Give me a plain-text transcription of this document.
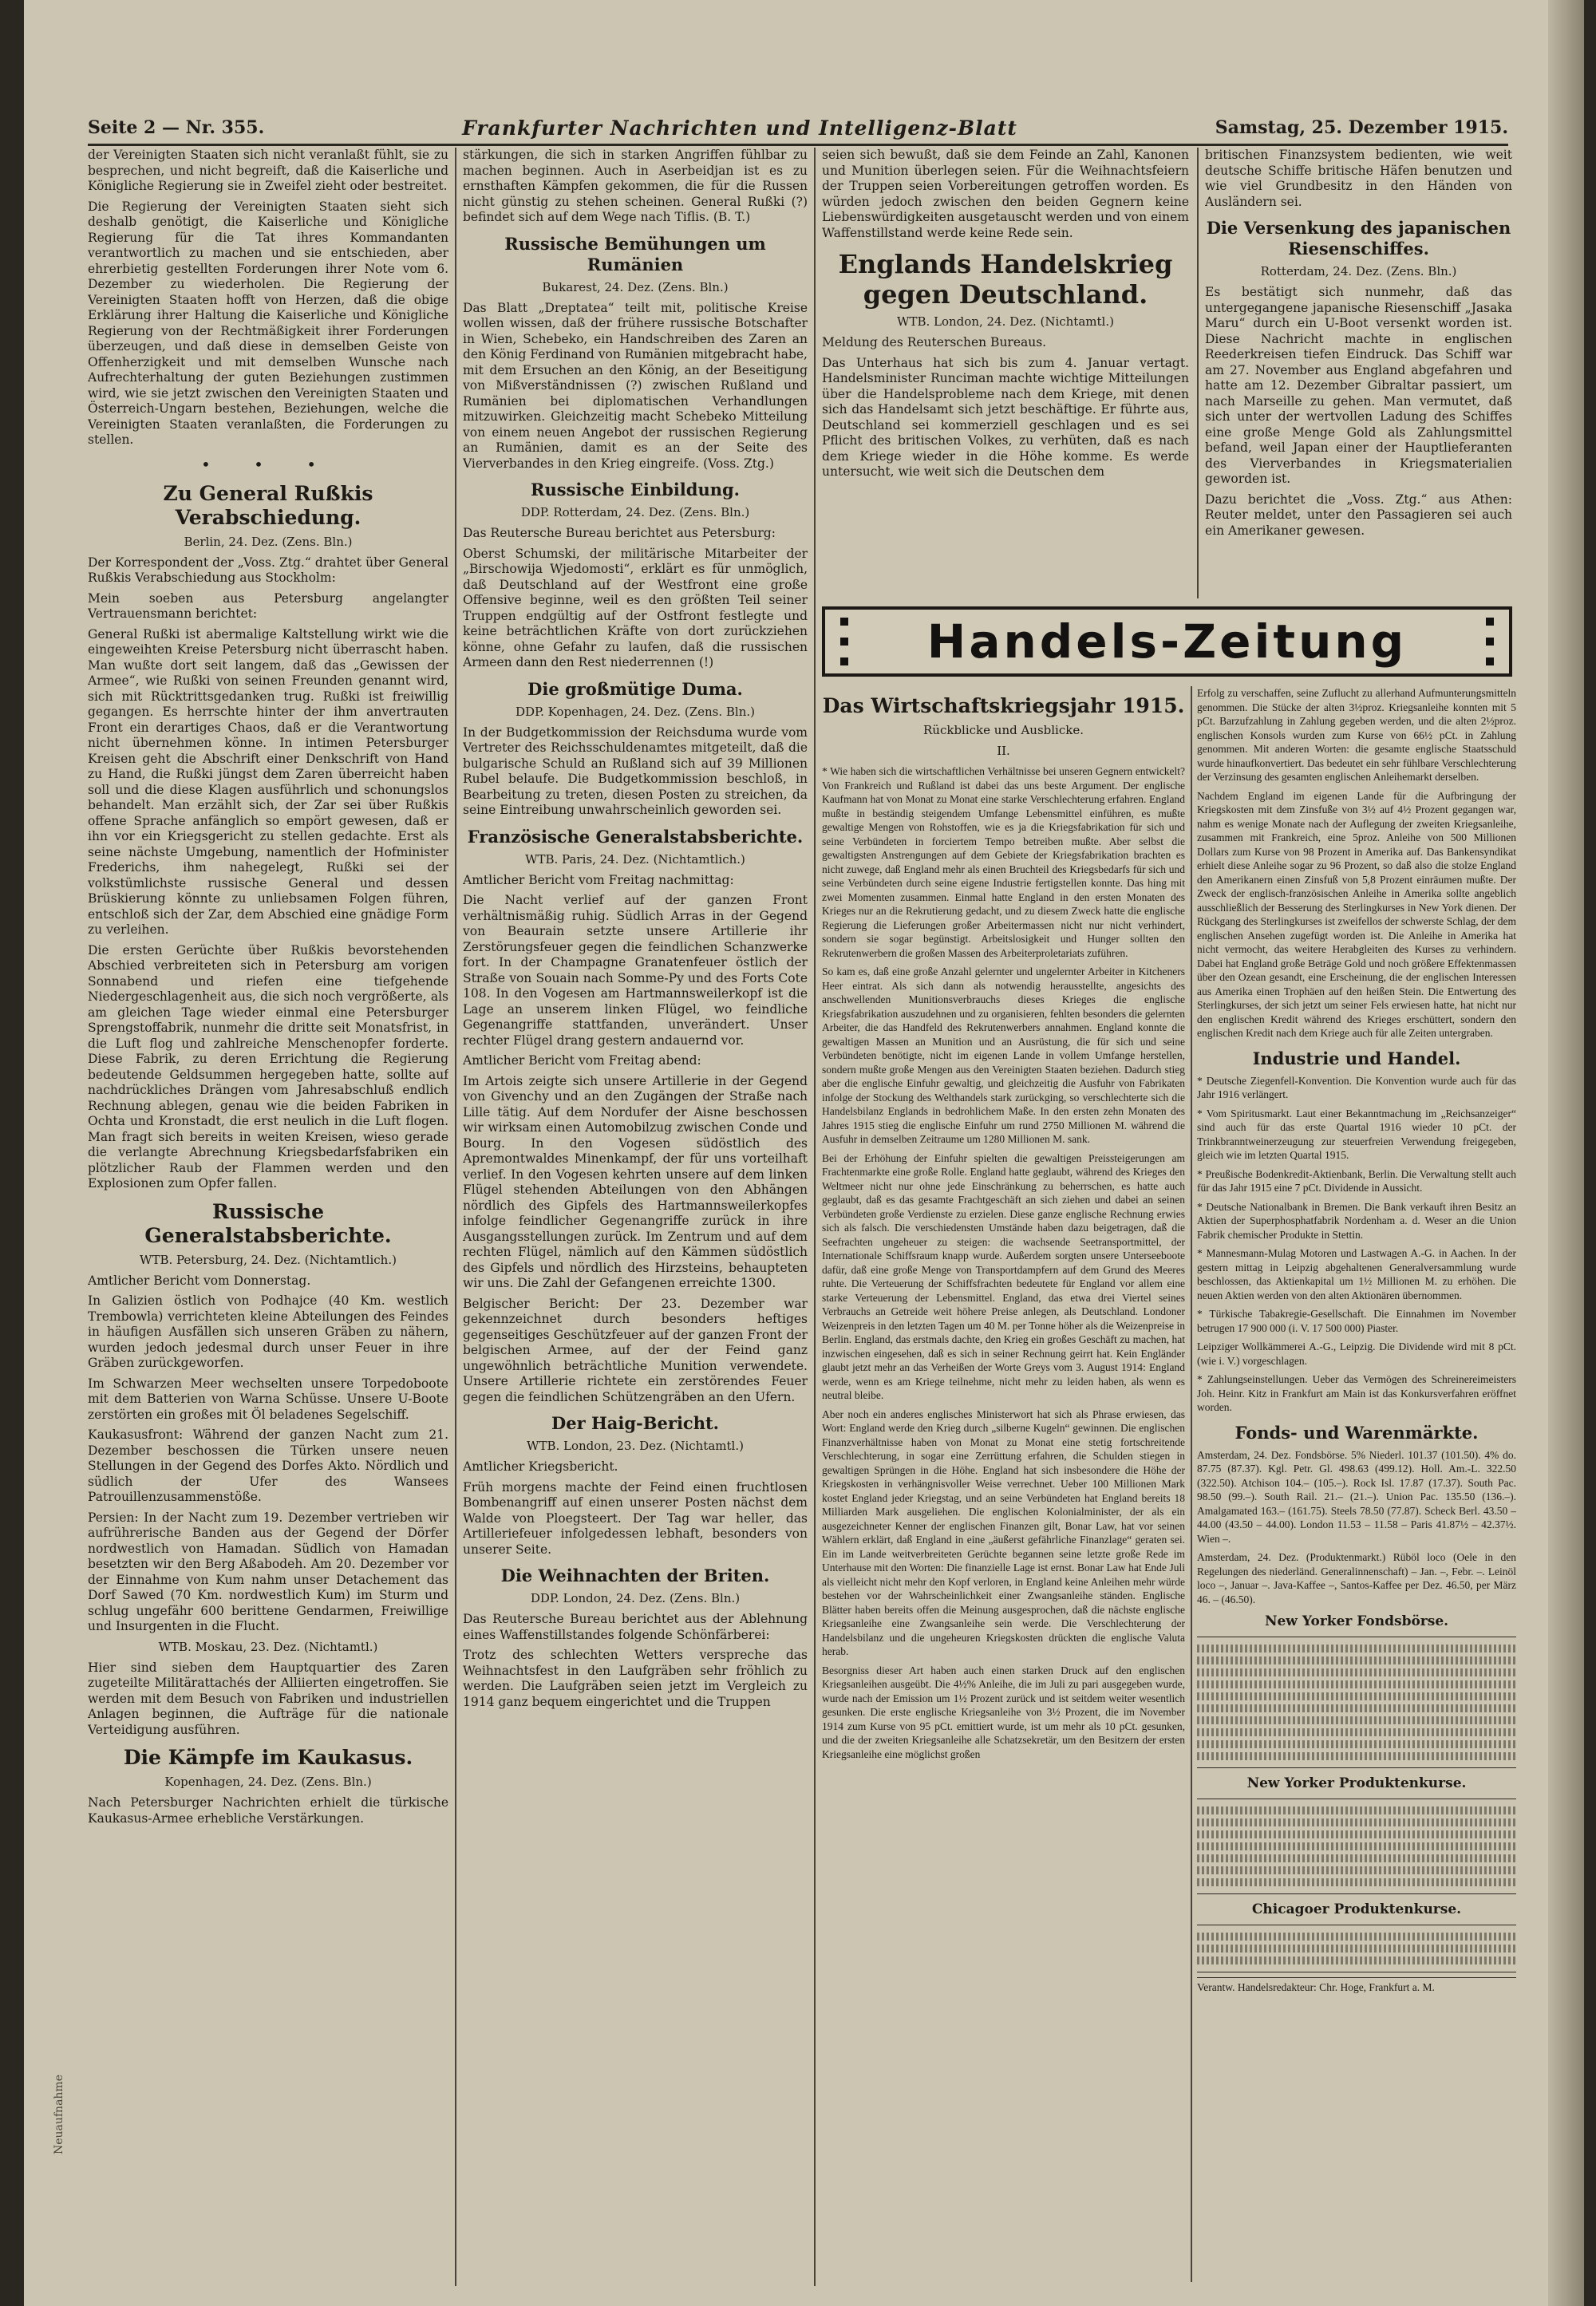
Seite 2 — Nr. 355.	Frankfurter Nachrichten und Intelligenz-Blatt	Samstag, 25. Dezember 1915.

der Vereinigten Staaten sich nicht veranlaßt fühlt, sie zu besprechen, und nicht begreift, daß die Kaiserliche und Königliche Regierung sie in Zweifel zieht oder bestreitet.

Die Regierung der Vereinigten Staaten sieht sich deshalb genötigt, die Kaiserliche und Königliche Regierung für die Tat ihres Kommandanten verantwortlich zu machen und sie entschieden, aber ehrerbietig gestellten Forderungen ihrer Note vom 6. Dezember zu wiederholen. Die Regierung der Vereinigten Staaten hofft von Herzen, daß die obige Erklärung ihrer Haltung die Kaiserliche und Königliche Regierung von der Rechtmäßigkeit ihrer Forderungen überzeugen, und daß diese in demselben Geiste von Offenherzigkeit und mit demselben Wunsche nach Aufrechterhaltung der guten Beziehungen zustimmen wird, wie sie jetzt zwischen den Vereinigten Staaten und Österreich-Ungarn bestehen, Beziehungen, welche die Vereinigten Staaten veranlaßten, die Forderungen zu stellen.

• • •
Zu General Rußkis Verabschiedung.
Berlin, 24. Dez. (Zens. Bln.)

Der Korrespondent der „Voss. Ztg.“ drahtet über General Rußkis Verabschiedung aus Stockholm:

Mein soeben aus Petersburg angelangter Vertrauensmann berichtet:

General Rußki ist abermalige Kaltstellung wirkt wie die eingeweihten Kreise Petersburg nicht überrascht haben. Man wußte dort seit langem, daß das „Gewissen der Armee“, wie Rußki von seinen Freunden genannt wird, sich mit Rücktrittsgedanken trug. Rußki ist freiwillig gegangen. Es herrschte hinter der ihm anvertrauten Front ein derartiges Chaos, daß er die Verantwortung nicht übernehmen könne. In intimen Petersburger Kreisen geht die Abschrift einer Denkschrift von Hand zu Hand, die Rußki jüngst dem Zaren überreicht haben soll und die diese Klagen ausführlich und schonungslos behandelt. Man erzählt sich, der Zar sei über Rußkis offene Sprache anfänglich so empört gewesen, daß er ihn vor ein Kriegsgericht zu stellen gedachte. Erst als seine nächste Umgebung, namentlich der Hofminister Frederichs, ihm nahegelegt, Rußki sei der volkstümlichste russische General und dessen Brüskierung könnte zu unliebsamen Folgen führen, entschloß sich der Zar, dem Abschied eine gnädige Form zu verleihen.

Die ersten Gerüchte über Rußkis bevorstehenden Abschied verbreiteten sich in Petersburg am vorigen Sonnabend und riefen eine tiefgehende Niedergeschlagenheit aus, die sich noch vergrößerte, als am gleichen Tage wieder einmal eine Petersburger Sprengstoffabrik, nunmehr die dritte seit Monatsfrist, in die Luft flog und zahlreiche Menschenopfer forderte. Diese Fabrik, zu deren Errichtung die Regierung bedeutende Geldsummen hergegeben hatte, sollte auf nachdrückliches Drängen vom Jahresabschluß endlich Rechnung ablegen, genau wie die beiden Fabriken in Ochta und Kronstadt, die erst neulich in die Luft flogen. Man fragt sich bereits in weiten Kreisen, wieso gerade die verlangte Abrechnung Kriegsbedarfsfabriken ein plötzlicher Raub der Flammen werden und den Explosionen zum Opfer fallen.

Russische Generalstabsberichte.
WTB. Petersburg, 24. Dez. (Nichtamtlich.)

Amtlicher Bericht vom Donnerstag.

In Galizien östlich von Podhajce (40 Km. westlich Trembowla) verrichteten kleine Abteilungen des Feindes in häufigen Ausfällen sich unseren Gräben zu nähern, wurden jedoch jedesmal durch unser Feuer in ihre Gräben zurückgeworfen.

Im Schwarzen Meer wechselten unsere Torpedoboote mit dem Batterien von Warna Schüsse. Unsere U-Boote zerstörten ein großes mit Öl beladenes Segelschiff.

Kaukasusfront: Während der ganzen Nacht zum 21. Dezember beschossen die Türken unsere neuen Stellungen in der Gegend des Dorfes Akto. Nördlich und südlich der Ufer des Wansees Patrouillenzusammenstöße.

Persien: In der Nacht zum 19. Dezember vertrieben wir aufrührerische Banden aus der Gegend der Dörfer nordwestlich von Hamadan. Südlich von Hamadan besetzten wir den Berg Aßabodeh. Am 20. Dezember vor der Einnahme von Kum nahm unser Detachement das Dorf Sawed (70 Km. nordwestlich Kum) im Sturm und schlug ungefähr 600 berittene Gendarmen, Freiwillige und Insurgenten in die Flucht.

WTB. Moskau, 23. Dez. (Nichtamtl.)

Hier sind sieben dem Hauptquartier des Zaren zugeteilte Militärattachés der Alliierten eingetroffen. Sie werden mit dem Besuch von Fabriken und industriellen Anlagen beginnen, die Aufträge für die nationale Verteidigung ausführen.

Die Kämpfe im Kaukasus.
Kopenhagen, 24. Dez. (Zens. Bln.)

Nach Petersburger Nachrichten erhielt die türkische Kaukasus-Armee erhebliche Verstärkungen.

stärkungen, die sich in starken Angriffen fühlbar zu machen beginnen. Auch in Aserbeidjan ist es zu ernsthaften Kämpfen gekommen, die für die Russen nicht günstig zu stehen scheinen. General Rußki (?) befindet sich auf dem Wege nach Tiflis. (B. T.)

Russische Bemühungen um Rumänien
Bukarest, 24. Dez. (Zens. Bln.)

Das Blatt „Dreptatea“ teilt mit, politische Kreise wollen wissen, daß der frühere russische Botschafter in Wien, Schebeko, ein Handschreiben des Zaren an den König Ferdinand von Rumänien mitgebracht habe, mit dem Ersuchen an den König, an der Beseitigung von Mißverständnissen (?) zwischen Rußland und Rumänien bei diplomatischen Verhandlungen mitzuwirken. Gleichzeitig macht Schebeko Mitteilung von einem neuen Angebot der russischen Regierung an Rumänien, damit es an der Seite des Vierverbandes in den Krieg eingreife. (Voss. Ztg.)

Russische Einbildung.
DDP. Rotterdam, 24. Dez. (Zens. Bln.)

Das Reutersche Bureau berichtet aus Petersburg:

Oberst Schumski, der militärische Mitarbeiter der „Birschowija Wjedomosti“, erklärt es für unmöglich, daß Deutschland auf der Westfront eine große Offensive beginne, weil es den größten Teil seiner Truppen endgültig auf der Ostfront festlegte und keine beträchtlichen Kräfte von dort zurückziehen könne, ohne Gefahr zu laufen, daß die russischen Armeen dann den Rest niederrennen (!)

Die großmütige Duma.
DDP. Kopenhagen, 24. Dez. (Zens. Bln.)

In der Budgetkommission der Reichsduma wurde vom Vertreter des Reichsschuldenamtes mitgeteilt, daß die bulgarische Schuld an Rußland sich auf 39 Millionen Rubel belaufe. Die Budgetkommission beschloß, in Bearbeitung zu treten, diesen Posten zu streichen, da seine Eintreibung unwahrscheinlich geworden sei.

Französische Generalstabsberichte.
WTB. Paris, 24. Dez. (Nichtamtlich.)

Amtlicher Bericht vom Freitag nachmittag:

Die Nacht verlief auf der ganzen Front verhältnismäßig ruhig. Südlich Arras in der Gegend von Beaurain setzte unsere Artillerie ihr Zerstörungsfeuer gegen die feindlichen Schanzwerke fort. In der Champagne Granatenfeuer östlich der Straße von Souain nach Somme-Py und des Forts Cote 108. In den Vogesen am Hartmannsweilerkopf ist die Lage an unserem linken Flügel, wo feindliche Gegenangriffe stattfanden, unverändert. Unser rechter Flügel drang gestern andauernd vor.

Amtlicher Bericht vom Freitag abend:

Im Artois zeigte sich unsere Artillerie in der Gegend von Givenchy und an den Zugängen der Straße nach Lille tätig. Auf dem Nordufer der Aisne beschossen wir wirksam einen Automobilzug zwischen Conde und Bourg. In den Vogesen südöstlich des Apremontwaldes Minenkampf, der für uns vorteilhaft verlief. In den Vogesen kehrten unsere auf dem linken Flügel stehenden Abteilungen von den Abhängen nördlich des Gipfels des Hartmannsweilerkopfes infolge feindlicher Gegenangriffe zurück in ihre Ausgangsstellungen zurück. Im Zentrum und auf dem rechten Flügel, nämlich auf den Kämmen südöstlich des Gipfels und nördlich des Hirzsteins, behaupteten wir uns. Die Zahl der Gefangenen erreichte 1300.

Belgischer Bericht: Der 23. Dezember war gekennzeichnet durch besonders heftiges gegenseitiges Geschützfeuer auf der ganzen Front der belgischen Armee, auf der der Feind ganz ungewöhnlich beträchtliche Munition verwendete. Unsere Artillerie richtete ein zerstörendes Feuer gegen die feindlichen Schützengräben an den Ufern.

Der Haig-Bericht.
WTB. London, 23. Dez. (Nichtamtl.)

Amtlicher Kriegsbericht.

Früh morgens machte der Feind einen fruchtlosen Bombenangriff auf einen unserer Posten nächst dem Walde von Ploegsteert. Der Tag war heller, das Artilleriefeuer infolgedessen lebhaft, besonders von unserer Seite.

Die Weihnachten der Briten.
DDP. London, 24. Dez. (Zens. Bln.)

Das Reutersche Bureau berichtet aus der Ablehnung eines Waffenstillstandes folgende Schönfärberei:

Trotz des schlechten Wetters verspreche das Weihnachtsfest in den Laufgräben sehr fröhlich zu werden. Die Laufgräben seien jetzt im Vergleich zu 1914 ganz bequem eingerichtet und die Truppen

seien sich bewußt, daß sie dem Feinde an Zahl, Kanonen und Munition überlegen seien. Für die Weihnachtsfeiern der Truppen seien Vorbereitungen getroffen worden. Es würden jedoch zwischen den beiden Gegnern keine Liebenswürdigkeiten ausgetauscht werden und von einem Waffenstillstand werde keine Rede sein.

Englands Handelskrieg gegen Deutschland.
WTB. London, 24. Dez. (Nichtamtl.)

Meldung des Reuterschen Bureaus.

Das Unterhaus hat sich bis zum 4. Januar vertagt. Handelsminister Runciman machte wichtige Mitteilungen über die Handelsprobleme nach dem Kriege, mit denen sich das Handelsamt sich jetzt beschäftige. Er führte aus, Deutschland sei kommerziell geschlagen und es sei Pflicht des britischen Volkes, zu verhüten, daß es nach dem Kriege wieder in die Höhe komme. Es werde untersucht, wie weit sich die Deutschen dem

britischen Finanzsystem bedienten, wie weit deutsche Schiffe britische Häfen benutzen und wie viel Grundbesitz in den Händen von Ausländern sei.

Die Versenkung des japanischen Riesenschiffes.
Rotterdam, 24. Dez. (Zens. Bln.)

Es bestätigt sich nunmehr, daß das untergegangene japanische Riesenschiff „Jasaka Maru“ durch ein U-Boot versenkt worden ist. Diese Nachricht machte in englischen Reederkreisen tiefen Eindruck. Das Schiff war am 27. November aus England abgefahren und hatte am 12. Dezember Gibraltar passiert, um nach Marseille zu gehen. Man vermutet, daß sich unter der wertvollen Ladung des Schiffes eine große Menge Gold als Zahlungsmittel befand, weil Japan einer der Hauptlieferanten des Vierverbandes in Kriegsmaterialien geworden ist.

Dazu berichtet die „Voss. Ztg.“ aus Athen: Reuter meldet, unter den Passagieren sei auch ein Amerikaner gewesen.

Handels-Zeitung
Das Wirtschaftskriegsjahr 1915.
Rückblicke und Ausblicke.
II.

* Wie haben sich die wirtschaftlichen Verhältnisse bei unseren Gegnern entwickelt? Von Frankreich und Rußland ist dabei das uns beste Argument. Der englische Kaufmann hat von Monat zu Monat eine starke Verschlechterung erfahren. England mußte in beständig steigendem Umfange Lebensmittel einführen, es mußte gewaltige Mengen von Rohstoffen, wie es ja die Kriegsfabrikation für sich und seine Verbündeten in forciertem Tempo betreiben mußte. Aber selbst die gewaltigsten Anstrengungen auf dem Gebiete der Kriegsfabrikation brachten es nicht zuwege, daß England mehr als einen Bruchteil des Kriegsbedarfs für sich und seine Verbündeten durch seine eigene Industrie fertigstellen konnte. Das hing mit zwei Momenten zusammen. Einmal hatte England in den ersten Monaten des Krieges nur an die Rekrutierung gedacht, und zu diesem Zweck hatte die englische Regierung die Lieferungen großer Arbeitermassen nicht nur nicht verhindert, sondern sie sogar begünstigt. Arbeitslosigkeit und Hunger sollten den Rekrutenwerbern die großen Massen des Arbeiterproletariats zuführen.

So kam es, daß eine große Anzahl gelernter und ungelernter Arbeiter in Kitcheners Heer eintrat. Als sich dann als notwendig herausstellte, angesichts des anschwellenden Munitionsverbrauchs dieses Krieges die englische Kriegsfabrikation auszudehnen und zu organisieren, fehlten besonders die gelernten Arbeiter, die das Handfeld des Rekrutenwerbers annahmen. England konnte die gewaltigen Massen an Munition und an Ausrüstung, die für sich und seine Verbündeten benötigte, nicht im eigenen Lande in vollem Umfange herstellen, sondern mußte große Mengen aus den Vereinigten Staaten beziehen. Dadurch stieg aber die englische Einfuhr gewaltig, und gleichzeitig die Ausfuhr von Fabrikaten infolge der Stockung des Welthandels stark zurückging, so verschlechterte sich die Handelsbilanz Englands in bedrohlichem Maße. In den ersten zehn Monaten des Jahres 1915 stieg die englische Einfuhr um rund 2750 Millionen M. während die Ausfuhr in demselben Zeitraume um 1280 Millionen M. sank.

Bei der Erhöhung der Einfuhr spielten die gewaltigen Preissteigerungen am Frachtenmarkte eine große Rolle. England hatte geglaubt, während des Krieges den Weltmeer nicht nur ohne jede Einschränkung zu beherrschen, es hatte auch geglaubt, daß es das gesamte Frachtgeschäft an sich ziehen und dabei an seinen Verbündeten große Verdienste zu erzielen. Diese ganze englische Rechnung erwies sich als falsch. Die verschiedensten Umstände haben dazu beigetragen, daß die Seefrachten ungeheuer zu steigen: die wachsende Seetransportmittel, der Internationale Schiffsraum knapp wurde. Außerdem sorgten unsere Unterseeboote dafür, daß eine große Menge von Transportdampfern auf dem Grund des Meeres ruhte. Die Verteuerung der Schiffsfrachten bedeutete für England vor allem eine starke Verteuerung der Lebensmittel. England, das etwa drei Viertel seines Verbrauchs an Getreide weit höhere Preise anlegen, als Deutschland. Londoner Weizenpreis in den letzten Tagen um 40 M. per Tonne höher als die Weizenpreise in Berlin. England, das erstmals dachte, den Krieg ein großes Geschäft zu machen, hat inzwischen eingesehen, daß es sich in seiner Rechnung geirrt hat. Kein Engländer glaubt jetzt mehr an das Verheißen der Worte Greys vom 3. August 1914: England werde, wenn es am Kriege teilnehme, nicht mehr zu leiden haben, als wenn es neutral bleibe.

Aber noch ein anderes englisches Ministerwort hat sich als Phrase erwiesen, das Wort: England werde den Krieg durch „silberne Kugeln“ gewinnen. Die englischen Finanzverhältnisse haben von Monat zu Monat eine stetig fortschreitende Verschlechterung, in sogar eine Zerrüttung erfahren, die Schulden stiegen in gewaltigen Sprüngen in die Höhe. England hat sich insbesondere die Höhe der Kriegskosten in verhängnisvoller Weise verrechnet. Ueber 100 Millionen Mark kostet England jeder Kriegstag, und an seine Verbündeten hat England bereits 18 Milliarden Mark ausgeliehen. Die englischen Kolonialminister, der als ein ausgezeichneter Kenner der englischen Finanzen gilt, Bonar Law, hat vor seinen Wählern erklärt, daß England in eine „äußerst gefährliche Finanzlage“ geraten sei. Ein im Lande weitverbreiteten Gerüchte begannen seine letzte große Rede im Unterhause mit den Worten: Die finanzielle Lage ist ernst. Bonar Law hat Ende Juli als vielleicht nicht mehr den Kopf verloren, in England keine Anleihen mehr würde bestehen vor der Wahrscheinlichkeit einer Zwangsanleihe ständen. Englische Blätter haben bereits offen die Meinung ausgesprochen, daß die nächste englische Kriegsanleihe eine Zwangsanleihe sein werde. Die Verschlechterung der Handelsbilanz und die ungeheuren Kriegskosten drückten die englische Valuta herab.

Besorgniss dieser Art haben auch einen starken Druck auf den englischen Kriegsanleihen ausgeübt. Die 4½% Anleihe, die im Juli zu pari ausgegeben wurde, wurde nach der Emission um 1½ Prozent zurück und ist seitdem weiter wesentlich gesunken. Die erste englische Kriegsanleihe von 3½ Prozent, die im November 1914 zum Kurse von 95 pCt. emittiert wurde, ist um mehr als 10 pCt. gesunken, und die der zweiten Kriegsanleihe alle Schatzsekretär, um den Besitzern der ersten Kriegsanleihe eine möglichst großen

Erfolg zu verschaffen, seine Zuflucht zu allerhand Aufmunterungsmitteln genommen. Die Stücke der alten 3½proz. Kriegsanleihe konnten mit 5 pCt. Barzufzahlung in Zahlung gegeben werden, und die alten 2½proz. englischen Konsols wurden zum Kurse von 66½ pCt. in Zahlung genommen. Mit anderen Worten: die gesamte englische Staatsschuld wurde hinaufkonvertiert. Das bedeutet ein sehr fühlbare Verschlechterung der Verzinsung des gesamten englischen Anleihemarkt derselben.

Nachdem England im eigenen Lande für die Aufbringung der Kriegskosten mit dem Zinsfuße von 3½ auf 4½ Prozent gegangen war, nahm es wenige Monate nach der Auflegung der zweiten Kriegsanleihe, zusammen mit Frankreich, eine 5proz. Anleihe von 500 Millionen Dollars zum Kurse von 98 Prozent in Amerika auf. Das Bankensyndikat erhielt diese Anleihe sogar zu 96 Prozent, so daß also die stolze England den Amerikanern einen Zinsfuß von 5,8 Prozent einräumen mußte. Der Zweck der englisch-französischen Anleihe in Amerika sollte angeblich ausschließlich der Besserung des Sterlingkurses in New York dienen. Der Rückgang des Sterlingkurses ist zweifellos der schwerste Schlag, der dem englischen Ansehen zugefügt worden ist. Die Anleihe in Amerika hat nicht vermocht, das weitere Herabgleiten des Kurses zu verhindern. Dabei hat England große Beträge Gold und noch größere Effektenmassen über den Ozean gesandt, eine Erscheinung, die der englischen Interessen aus Amerika einen Trophäen auf den heißen Stein. Die Entwertung des Sterlingkurses, der sich jetzt um seiner Fels erwiesen hatte, hat nicht nur den englischen Kredit während des Krieges erschüttert, sondern den englischen Kredit nach dem Kriege auch für alle Zeiten untergraben.

Industrie und Handel.

* Deutsche Ziegenfell-Konvention. Die Konvention wurde auch für das Jahr 1916 verlängert.

* Vom Spiritusmarkt. Laut einer Bekanntmachung im „Reichsanzeiger“ sind auch für das erste Quartal 1916 wieder 10 pCt. der Trinkbranntweinerzeugung zur steuerfreien Verwendung freigegeben, gleich wie im letzten Quartal 1915.

* Preußische Bodenkredit-Aktienbank, Berlin. Die Verwaltung stellt auch für das Jahr 1915 eine 7 pCt. Dividende in Aussicht.

* Deutsche Nationalbank in Bremen. Die Bank verkauft ihren Besitz an Aktien der Superphosphatfabrik Nordenham a. d. Weser an die Union Fabrik chemischer Produkte in Stettin.

* Mannesmann-Mulag Motoren und Lastwagen A.-G. in Aachen. In der gestern mittag in Leipzig abgehaltenen Generalversammlung wurde beschlossen, das Aktienkapital um 1½ Millionen M. zu erhöhen. Die neuen Aktien werden von den alten Aktionären übernommen.

* Türkische Tabakregie-Gesellschaft. Die Einnahmen im November betrugen 17 900 000 (i. V. 17 500 000) Piaster.

Leipziger Wollkämmerei A.-G., Leipzig. Die Dividende wird mit 8 pCt. (wie i. V.) vorgeschlagen.

* Zahlungseinstellungen. Ueber das Vermögen des Schreinereimeisters Joh. Heinr. Kitz in Frankfurt am Main ist das Konkursverfahren eröffnet worden.

Fonds- und Warenmärkte.

Amsterdam, 24. Dez. Fondsbörse. 5% Niederl. 101.37 (101.50). 4% do. 87.75 (87.37). Kgl. Petr. Gl. 498.63 (499.12). Holl. Am.-L. 322.50 (322.50). Atchison 104.– (105.–). Rock Isl. 17.87 (17.37). South Pac. 98.50 (99.–). South Rail. 21.– (21.–). Union Pac. 135.50 (136.–). Amalgamated 163.– (161.75). Steels 78.50 (77.87). Scheck Berl. 43.50 – 44.00 (43.50 – 44.00). London 11.53 – 11.58 – Paris 41.87½ – 42.37½. Wien –.

Amsterdam, 24. Dez. (Produktenmarkt.) Rüböl loco (Oele in den Regelungen des niederländ. Generalinnenschaft) – Jan. –, Febr. –. Leinöl loco –, Januar –. Java-Kaffee –, Santos-Kaffee per Dez. 46.50, per März 46. – (46.50).

New Yorker Fondsbörse.
New Yorker Produktenkurse.
Chicagoer Produktenkurse.
Verantw. Handelsredakteur: Chr. Hoge, Frankfurt a. M.
Neuaufnahme
